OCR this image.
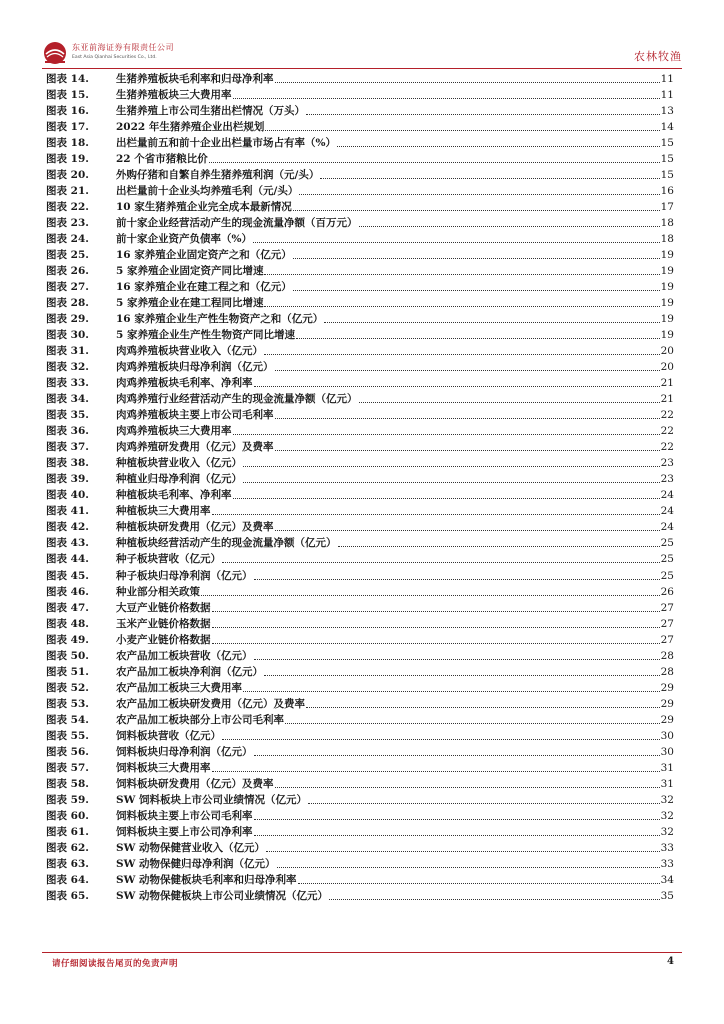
东亚前海证券有限责任公司
East Asia Qianhai Securities Co., Ltd.	农林牧渔
图表 14.	生猪养殖板块毛利率和归母净利率	11
图表 15.	生猪养殖板块三大费用率	11
图表 16.	生猪养殖上市公司生猪出栏情况（万头）	13
图表 17.	2022 年生猪养殖企业出栏规划	14
图表 18.	出栏量前五和前十企业出栏量市场占有率（%）	15
图表 19.	22 个省市猪粮比价	15
图表 20.	外购仔猪和自繁自养生猪养殖利润（元/头）	15
图表 21.	出栏量前十企业头均养殖毛利（元/头）	16
图表 22.	10 家生猪养殖企业完全成本最新情况	17
图表 23.	前十家企业经营活动产生的现金流量净额（百万元）	18
图表 24.	前十家企业资产负债率（%）	18
图表 25.	16 家养殖企业固定资产之和（亿元）	19
图表 26.	5 家养殖企业固定资产同比增速	19
图表 27.	16 家养殖企业在建工程之和（亿元）	19
图表 28.	5 家养殖企业在建工程同比增速	19
图表 29.	16 家养殖企业生产性生物资产之和（亿元）	19
图表 30.	5 家养殖企业生产性生物资产同比增速	19
图表 31.	肉鸡养殖板块营业收入（亿元）	20
图表 32.	肉鸡养殖板块归母净利润（亿元）	20
图表 33.	肉鸡养殖板块毛利率、净利率	21
图表 34.	肉鸡养殖行业经营活动产生的现金流量净额（亿元）	21
图表 35.	肉鸡养殖板块主要上市公司毛利率	22
图表 36.	肉鸡养殖板块三大费用率	22
图表 37.	肉鸡养殖研发费用（亿元）及费率	22
图表 38.	种植板块营业收入（亿元）	23
图表 39.	种植业归母净利润（亿元）	23
图表 40.	种植板块毛利率、净利率	24
图表 41.	种植板块三大费用率	24
图表 42.	种植板块研发费用（亿元）及费率	24
图表 43.	种植板块经营活动产生的现金流量净额（亿元）	25
图表 44.	种子板块营收（亿元）	25
图表 45.	种子板块归母净利润（亿元）	25
图表 46.	种业部分相关政策	26
图表 47.	大豆产业链价格数据	27
图表 48.	玉米产业链价格数据	27
图表 49.	小麦产业链价格数据	27
图表 50.	农产品加工板块营收（亿元）	28
图表 51.	农产品加工板块净利润（亿元）	28
图表 52.	农产品加工板块三大费用率	29
图表 53.	农产品加工板块研发费用（亿元）及费率	29
图表 54.	农产品加工板块部分上市公司毛利率	29
图表 55.	饲料板块营收（亿元）	30
图表 56.	饲料板块归母净利润（亿元）	30
图表 57.	饲料板块三大费用率	31
图表 58.	饲料板块研发费用（亿元）及费率	31
图表 59.	SW 饲料板块上市公司业绩情况（亿元）	32
图表 60.	饲料板块主要上市公司毛利率	32
图表 61.	饲料板块主要上市公司净利率	32
图表 62.	SW 动物保健营业收入（亿元）	33
图表 63.	SW 动物保健归母净利润（亿元）	33
图表 64.	SW 动物保健板块毛利率和归母净利率	34
图表 65.	SW 动物保健板块上市公司业绩情况（亿元）	35
请仔细阅读报告尾页的免责声明	4
